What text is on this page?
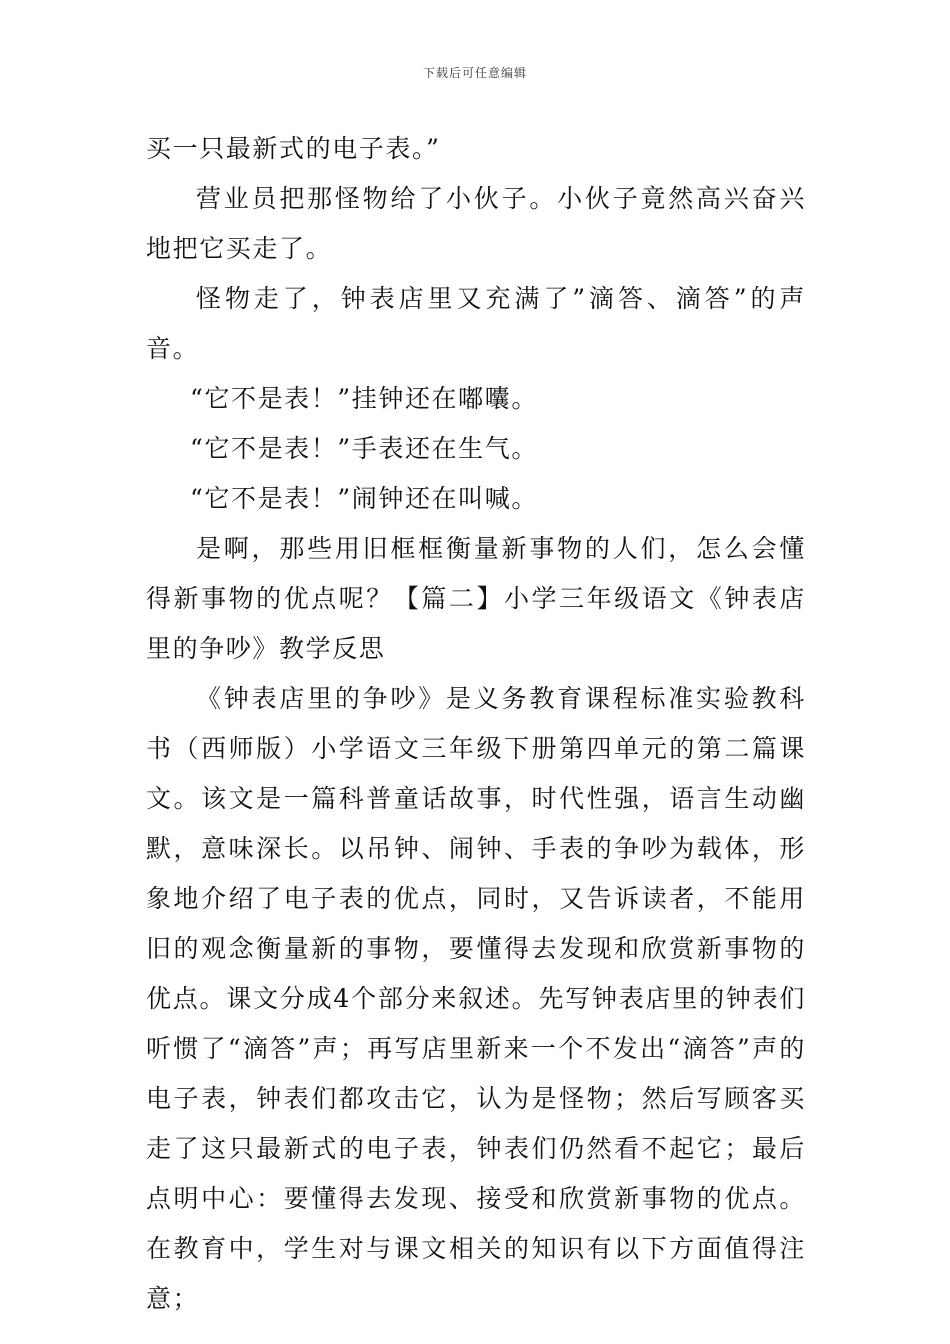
下载后可任意编辑

买一只最新式的电子表。”

营业员把那怪物给了小伙子。小伙子竟然高兴奋兴地把它买走了。

怪物走了，钟表店里又充满了”滴答、滴答”的声音。

“它不是表！”挂钟还在嘟囔。

“它不是表！”手表还在生气。

“它不是表！”闹钟还在叫喊。

是啊，那些用旧框框衡量新事物的人们，怎么会懂得新事物的优点呢？【篇二】小学三年级语文《钟表店里的争吵》教学反思

《钟表店里的争吵》是义务教育课程标准实验教科书（西师版）小学语文三年级下册第四单元的第二篇课文。该文是一篇科普童话故事，时代性强，语言生动幽默，意味深长。以吊钟、闹钟、手表的争吵为载体，形象地介绍了电子表的优点，同时，又告诉读者，不能用旧的观念衡量新的事物，要懂得去发现和欣赏新事物的优点。课文分成4个部分来叙述。先写钟表店里的钟表们听惯了“滴答”声；再写店里新来一个不发出“滴答”声的电子表，钟表们都攻击它，认为是怪物；然后写顾客买走了这只最新式的电子表，钟表们仍然看不起它；最后点明中心：要懂得去发现、接受和欣赏新事物的优点。在教育中，学生对与课文相关的知识有以下方面值得注意；
